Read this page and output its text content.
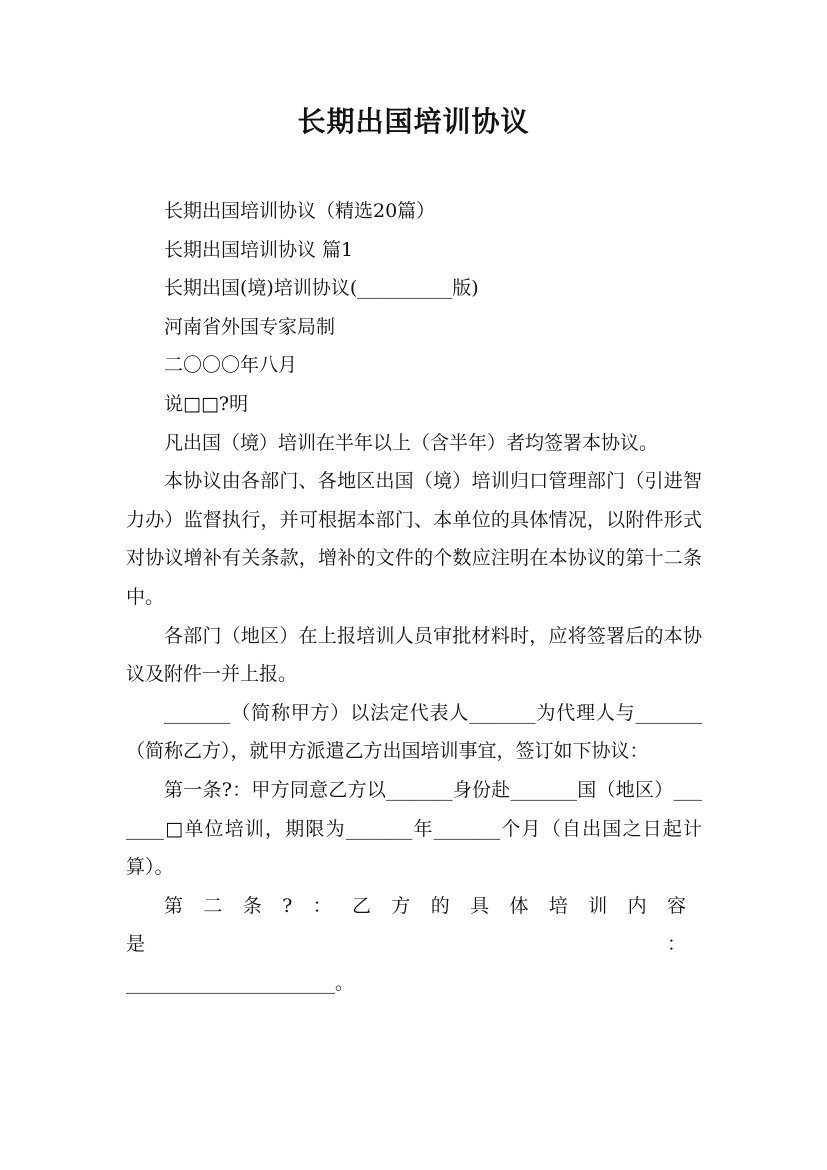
长期出国培训协议

长期出国培训协议（精选20篇）

长期出国培训协议 篇1

长期出国(境)培训协议(__________版)

河南省外国专家局制

二〇〇〇年八月

说□□?明

凡出国（境）培训在半年以上（含半年）者均签署本协议。

本协议由各部门、各地区出国（境）培训归口管理部门（引进智力办）监督执行，并可根据本部门、本单位的具体情况，以附件形式对协议增补有关条款，增补的文件的个数应注明在本协议的第十二条中。

各部门（地区）在上报培训人员审批材料时，应将签署后的本协议及附件一并上报。

_______（简称甲方）以法定代表人_______为代理人与_______（简称乙方），就甲方派遣乙方出国培训事宜，签订如下协议：

第一条?：甲方同意乙方以_______身份赴_______国（地区）_______□单位培训，期限为_______年_______个月（自出国之日起计算）。

第二条?：乙方的具体培训内容是：

______________________。
